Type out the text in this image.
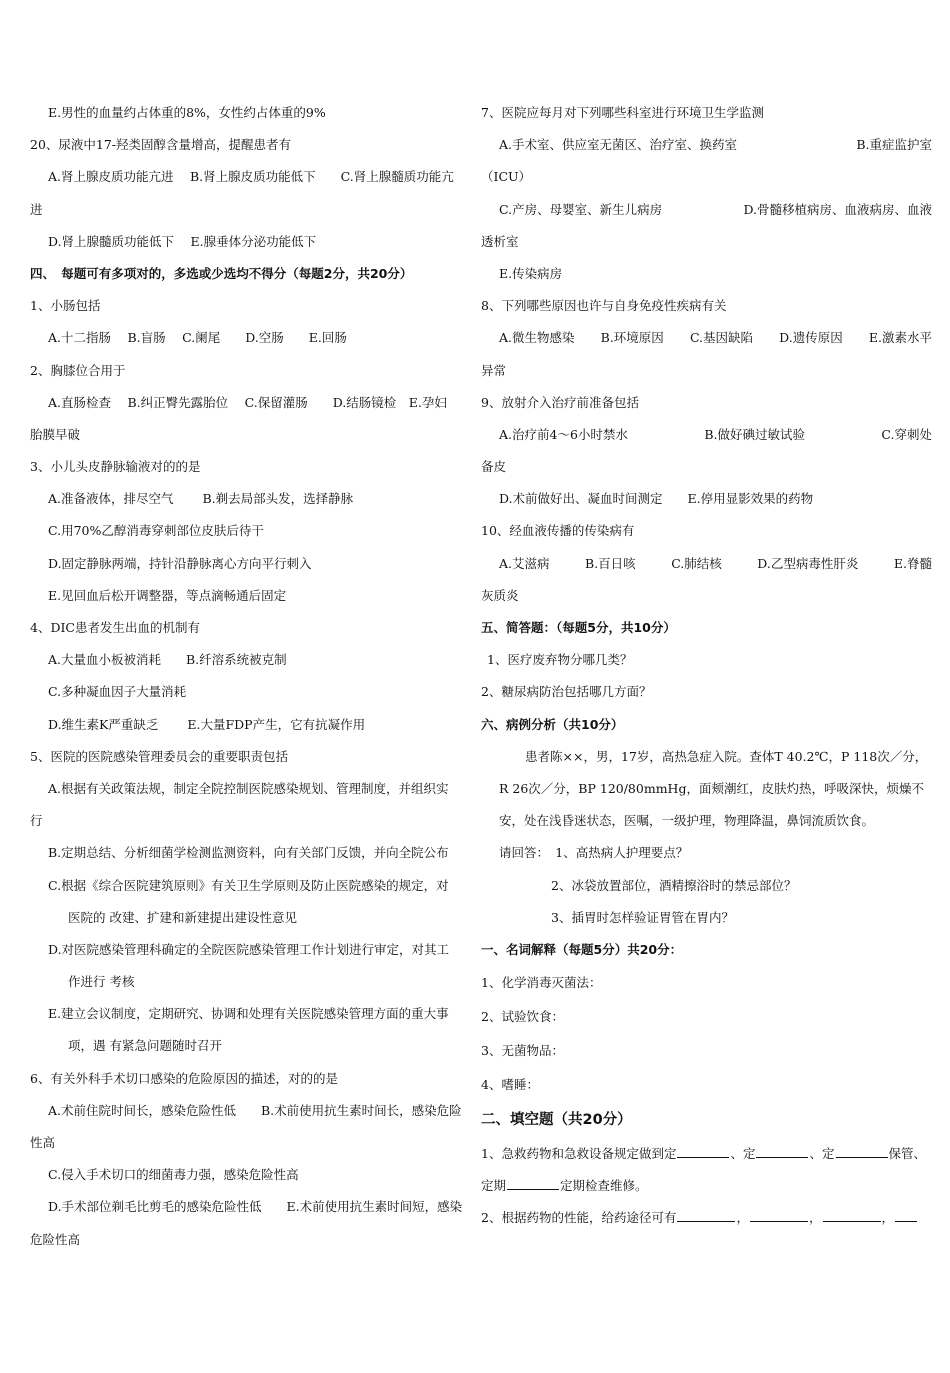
E.男性的血量约占体重的8%，女性约占体重的9%
20、尿液中17-羟类固醇含量增高，提醒患者有
A.肾上腺皮质功能亢进　 B.肾上腺皮质功能低下　　C.肾上腺髓质功能亢
进
D.肾上腺髓质功能低下　 E.腺垂体分泌功能低下
四、　每题可有多项对的，多选或少选均不得分（每题2分，共20分）
1、小肠包括
A.十二指肠　 B.盲肠　 C.阑尾　　D.空肠　　E.回肠
2、胸膝位合用于
A.直肠检查　 B.纠正臀先露胎位　 C.保留灌肠　　D.结肠镜检　E.孕妇
胎膜早破
3、小儿头皮静脉输液对的的是
A.准备液体，排尽空气　　 B.剃去局部头发，选择静脉
C.用70%乙醇消毒穿刺部位皮肤后待干
D.固定静脉两端，持针沿静脉离心方向平行刺入
E.见回血后松开调整器，等点滴畅通后固定
4、DIC患者发生出血的机制有
A.大量血小板被消耗　　B.纤溶系统被克制
C.多种凝血因子大量消耗
D.维生素K严重缺乏　　 E.大量FDP产生，它有抗凝作用
5、医院的医院感染管理委员会的重要职责包括
A.根据有关政策法规，制定全院控制医院感染规划、管理制度，并组织实
行
B.定期总结、分析细菌学检测监测资料，向有关部门反馈，并向全院公布
C.根据《综合医院建筑原则》有关卫生学原则及防止医院感染的规定，对
医院的 改建、扩建和新建提出建设性意见
D.对医院感染管理科确定的全院医院感染管理工作计划进行审定，对其工
作进行 考核
E.建立会议制度，定期研究、协调和处理有关医院感染管理方面的重大事
项，遇 有紧急问题随时召开
6、有关外科手术切口感染的危险原因的描述，对的的是
A.术前住院时间长，感染危险性低　　B.术前使用抗生素时间长，感染危险
性高
C.侵入手术切口的细菌毒力强，感染危险性高
D.手术部位剃毛比剪毛的感染危险性低　　E.术前使用抗生素时间短，感染
危险性高
7、医院应每月对下列哪些科室进行环境卫生学监测
A.手术室、供应室无菌区、治疗室、换药室	B.重症监护室
（ICU）
C.产房、母婴室、新生儿病房	D.骨髓移植病房、血液病房、血液
透析室
E.传染病房
8、下列哪些原因也许与自身免疫性疾病有关
A.微生物感染 B.环境原因 C.基因缺陷 D.遗传原因 E.激素水平
异常
9、放射介入治疗前准备包括
A.治疗前4～6小时禁水	B.做好碘过敏试验	C.穿刺处
备皮
D.术前做好出、凝血时间测定　　E.停用显影效果的药物
10、经血液传播的传染病有
A.艾滋病	B.百日咳	C.肺结核	D.乙型病毒性肝炎	E.脊髓
灰质炎
五、简答题：（每题5分，共10分）
1、医疗废弃物分哪几类？
2、糖尿病防治包括哪几方面？
六、病例分析（共10分）
患者陈××，男，17岁，高热急症入院。查体T 40.2℃，P 118次／分，
R 26次／分，BP 120/80mmHg，面颊潮红，皮肤灼热，呼吸深快，烦燥不
安，处在浅昏迷状态，医嘱，一级护理，物理降温，鼻饲流质饮食。
请回答：　1、高热病人护理要点？
2、冰袋放置部位，酒精擦浴时的禁忌部位？
3、插胃时怎样验证胃管在胃内？
一、名词解释（每题5分）共20分：
1、化学消毒灭菌法：
2、试验饮食：
3、无菌物品：
4、嗜睡：
二、填空题（共20分）
1、急救药物和急救设备规定做到定	、定	、定	保管、
定期	定期检查维修。
2、根据药物的性能，给药途径可有	，	，	，
